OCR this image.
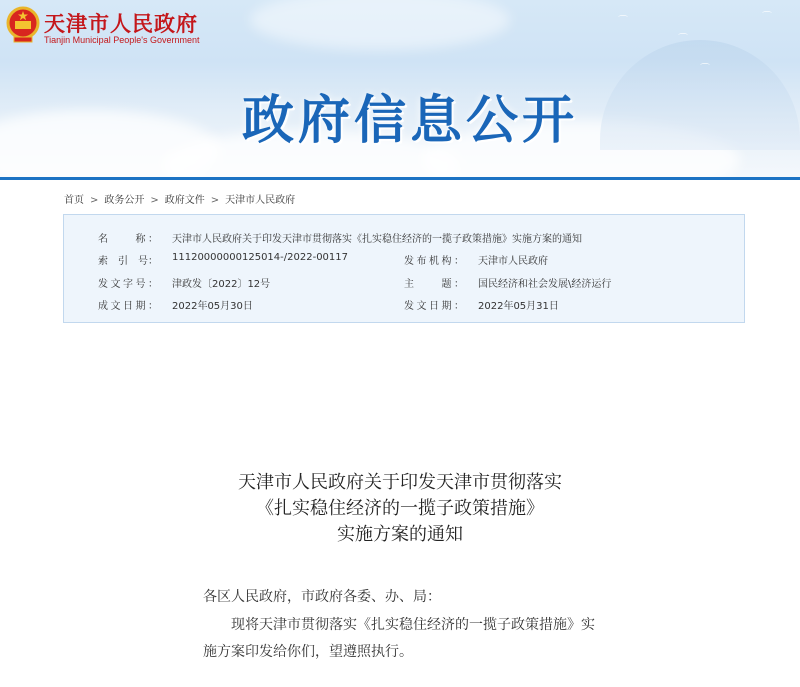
⌒
⌒
⌒
⌒
天津市人民政府
Tianjin Municipal People's Government
政府信息公开
首页 > 政务公开 > 政府文件 > 天津市人民政府
名　　称： 天津市人民政府关于印发天津市贯彻落实《扎实稳住经济的一揽子政策措施》实施方案的通知
索　引　号： 11120000000125014-/2022-00117	发布机构： 天津市人民政府
发文字号： 津政发〔2022〕12号	主　　题： 国民经济和社会发展\经济运行
成文日期： 2022年05月30日	发文日期： 2022年05月31日
天津市人民政府关于印发天津市贯彻落实
《扎实稳住经济的一揽子政策措施》
实施方案的通知
各区人民政府，市政府各委、办、局：
　　现将天津市贯彻落实《扎实稳住经济的一揽子政策措施》实
施方案印发给你们，望遵照执行。
